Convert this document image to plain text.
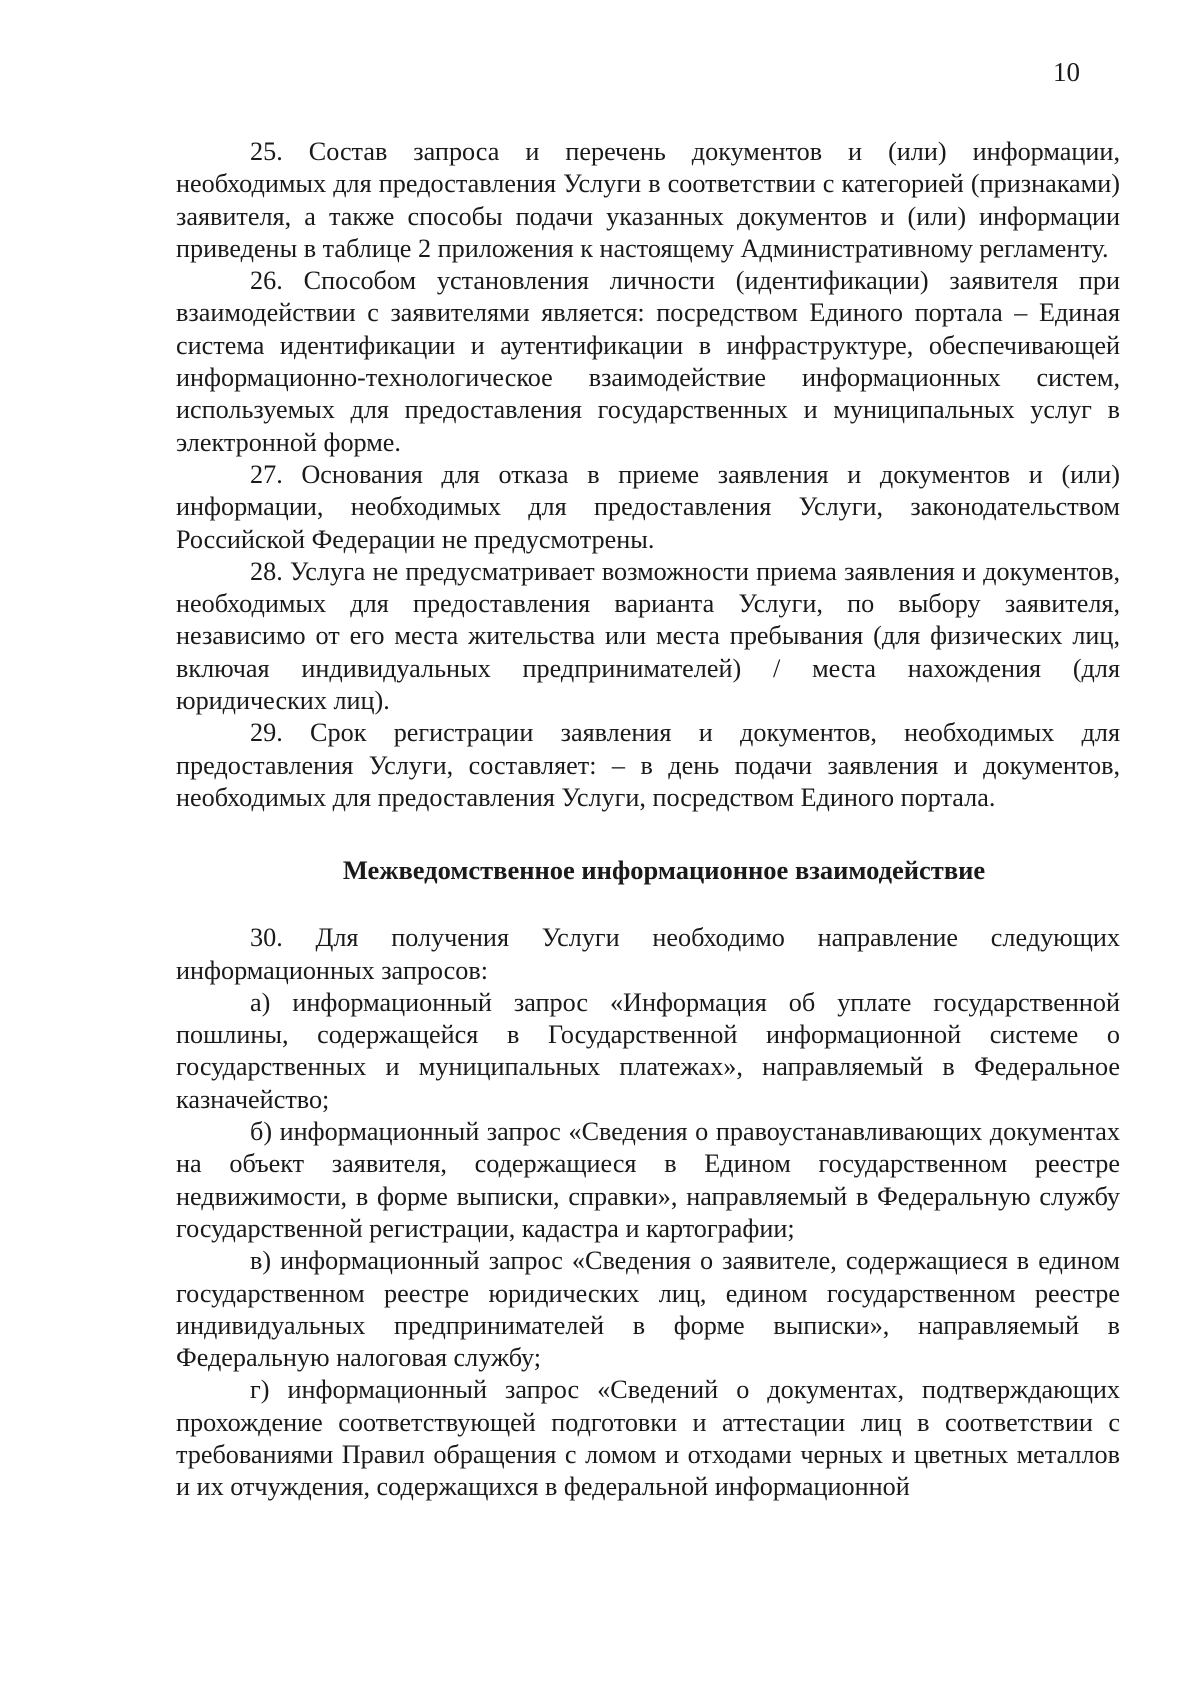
10

25. Состав запроса и перечень документов и (или) информации, необходимых для предоставления Услуги в соответствии с категорией (признаками) заявителя, а также способы подачи указанных документов и (или) информации приведены в таблице 2 приложения к настоящему Административному регламенту.

26. Способом установления личности (идентификации) заявителя при взаимодействии с заявителями является: посредством Единого портала – Единая система идентификации и аутентификации в инфраструктуре, обеспечивающей информационно-технологическое взаимодействие информационных систем, используемых для предоставления государственных и муниципальных услуг в электронной форме.

27. Основания для отказа в приеме заявления и документов и (или) информации, необходимых для предоставления Услуги, законодательством Российской Федерации не предусмотрены.

28. Услуга не предусматривает возможности приема заявления и документов, необходимых для предоставления варианта Услуги, по выбору заявителя, независимо от его места жительства или места пребывания (для физических лиц, включая индивидуальных предпринимателей) / места нахождения (для юридических лиц).

29. Срок регистрации заявления и документов, необходимых для предоставления Услуги, составляет: – в день подачи заявления и документов, необходимых для предоставления Услуги, посредством Единого портала.

Межведомственное информационное взаимодействие

30. Для получения Услуги необходимо направление следующих информационных запросов:

а) информационный запрос «Информация об уплате государственной пошлины, содержащейся в Государственной информационной системе о государственных и муниципальных платежах», направляемый в Федеральное казначейство;

б) информационный запрос «Сведения о правоустанавливающих документах на объект заявителя, содержащиеся в Едином государственном реестре недвижимости, в форме выписки, справки», направляемый в Федеральную службу государственной регистрации, кадастра и картографии;

в) информационный запрос «Сведения о заявителе, содержащиеся в едином государственном реестре юридических лиц, едином государственном реестре индивидуальных предпринимателей в форме выписки», направляемый в Федеральную налоговая службу;

г) информационный запрос «Сведений о документах, подтверждающих прохождение соответствующей подготовки и аттестации лиц в соответствии с требованиями Правил обращения с ломом и отходами черных и цветных металлов и их отчуждения, содержащихся в федеральной информационной
